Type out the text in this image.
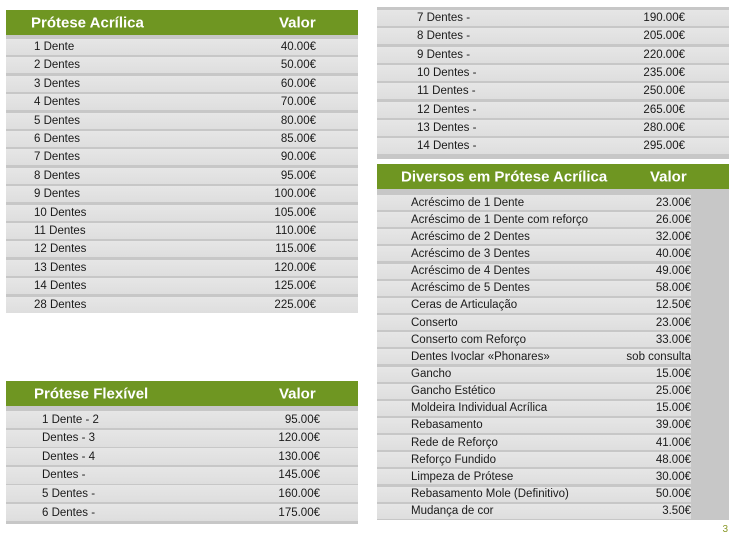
Prótese Acrílica	Valor
1 Dente	40.00€
2 Dentes	50.00€
3 Dentes	60.00€
4 Dentes	70.00€
5 Dentes	80.00€
6 Dentes	85.00€
7 Dentes	90.00€
8 Dentes	95.00€
9 Dentes	100.00€
10 Dentes	105.00€
11 Dentes	110.00€
12 Dentes	115.00€
13 Dentes	120.00€
14 Dentes	125.00€
28 Dentes	225.00€
Prótese Flexível	Valor
1 Dente - 2	95.00€
Dentes - 3	120.00€
Dentes - 4	130.00€
Dentes -	145.00€
5 Dentes -	160.00€
6 Dentes -	175.00€
7 Dentes -	190.00€
8 Dentes -	205.00€
9 Dentes -	220.00€
10 Dentes -	235.00€
11 Dentes -	250.00€
12 Dentes -	265.00€
13 Dentes -	280.00€
14 Dentes -	295.00€
Diversos em Prótese Acrílica	Valor
Acréscimo de 1 Dente	23.00€
Acréscimo de 1 Dente com reforço	26.00€
Acréscimo de 2 Dentes	32.00€
Acréscimo de 3 Dentes	40.00€
Acréscimo de 4 Dentes	49.00€
Acréscimo de 5 Dentes	58.00€
Ceras de Articulação	12.50€
Conserto	23.00€
Conserto com Reforço	33.00€
Dentes Ivoclar «Phonares»	sob consulta
Gancho	15.00€
Gancho Estético	25.00€
Moldeira Individual Acrílica	15.00€
Rebasamento	39.00€
Rede de Reforço	41.00€
Reforço Fundido	48.00€
Limpeza de Prótese	30.00€
Rebasamento Mole (Definitivo)	50.00€
Mudança de cor	3.50€
3
